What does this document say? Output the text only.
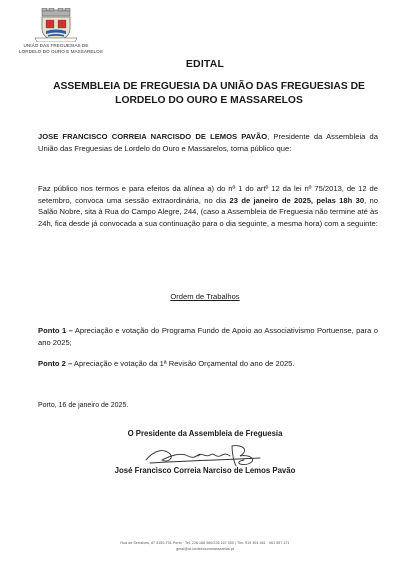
UNIÃO DAS FREGUESIAS DE
LORDELO DO OURO E MASSARELOS
EDITAL
ASSEMBLEIA DE FREGUESIA DA UNIÃO DAS FREGUESIAS DE LORDELO DO OURO E MASSARELOS
JOSE FRANCISCO CORREIA NARCISDO DE LEMOS PAVÃO, Presidente da Assembleia da União das Freguesias de Lordelo do Ouro e Massarelos, torna público que:
Faz público nos termos e para efeitos da alínea a) do nº 1 do artº 12 da lei nº 75/2013, de 12 de setembro, convoca uma sessão extraordinária, no dia 23 de janeiro de 2025, pelas 18h 30, no Salão Nobre, sita à Rua do Campo Alegre, 244, (caso a Assembleia de Freguesia não termine até às 24h, fica desde já convocada a sua continuação para o dia seguinte, a mesma hora) com a seguinte:
Ordem de Trabalhos
Ponto 1 – Apreciação e votação do Programa Fundo de Apoio ao Associativismo Portuense, para o ano 2025;
Ponto 2 – Apreciação e votação da 1ª Revisão Orçamental do ano de 2025.
Porto, 16 de janeiro de 2025.
O Presidente da Assembleia de Freguesia
José Francisco Correia Narciso de Lemos Pavão
Rua de Serralves, 87 4150-701 Porto · Tel. 226 168 960/226 167 000 | Tlm. 919 394 461 · 961 557 471
geral@uf-lordeloouromassarelos.pt
